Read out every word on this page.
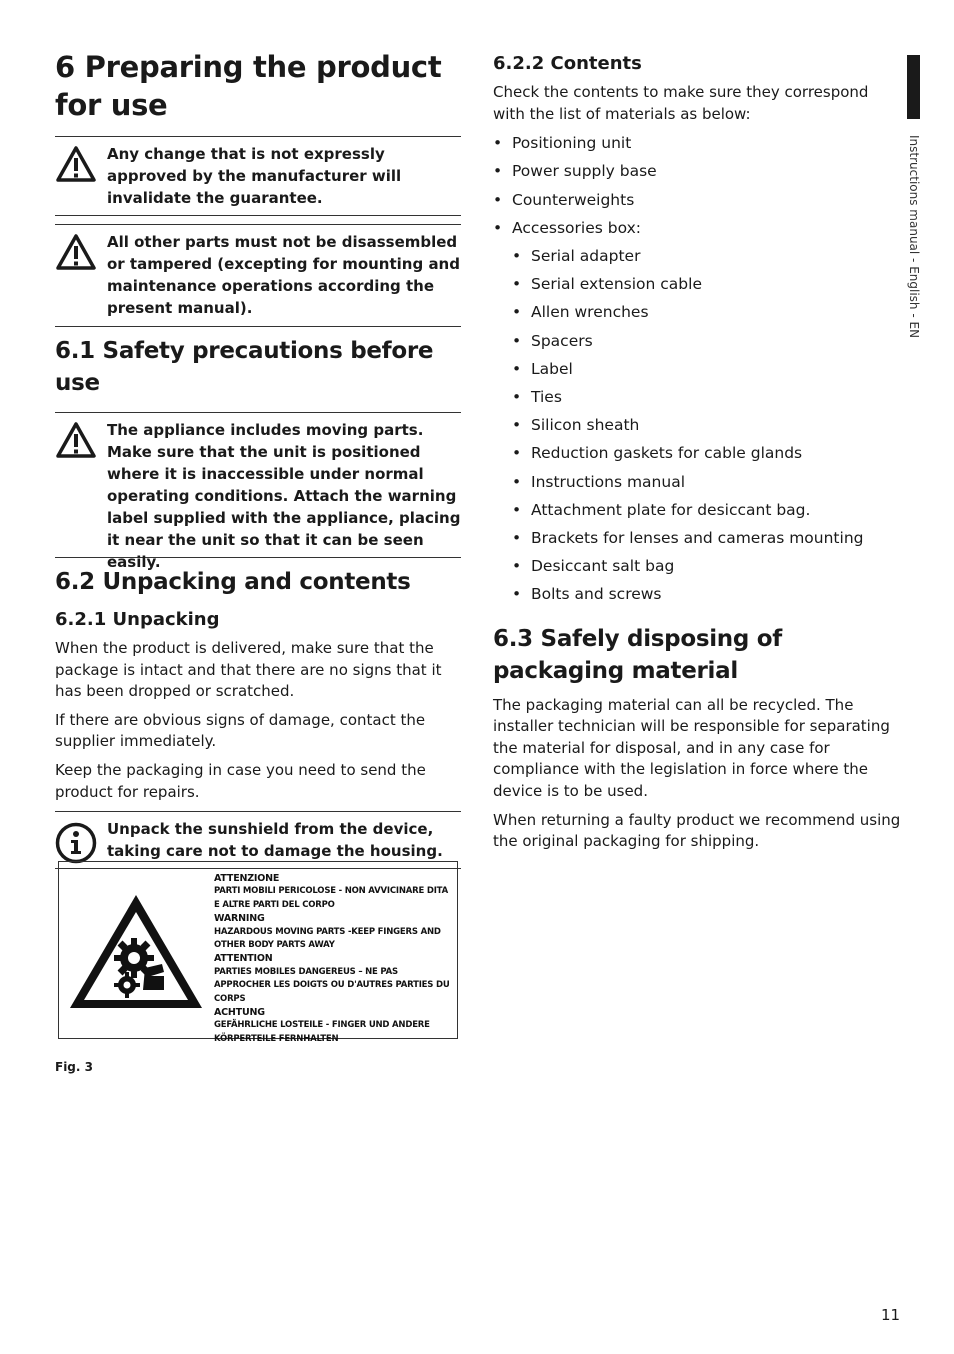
6 Preparing the product for use
Any change that is not expressly approved by the manufacturer will invalidate the guarantee.
All other parts must not be disassembled or tampered (excepting for mounting and maintenance operations according the present manual).
6.1 Safety precautions before use
The appliance includes moving parts. Make sure that the unit is positioned where it is inaccessible under normal operating conditions. Attach the warning label supplied with the appliance, placing it near the unit so that it can be seen easily.
6.2 Unpacking and contents
6.2.1 Unpacking

When the product is delivered, make sure that the package is intact and that there are no signs that it has been dropped or scratched.

If there are obvious signs of damage, contact the supplier immediately.

Keep the packaging in case you need to send the product for repairs.

Unpack the sunshield from the device, taking care not to damage the housing.
ATTENZIONE
PARTI MOBILI PERICOLOSE - NON AVVICINARE DITA E ALTRE PARTI DEL CORPO
WARNING
HAZARDOUS MOVING PARTS -KEEP FINGERS AND OTHER BODY PARTS AWAY
ATTENTION
PARTIES MOBILES DANGEREUS – NE PAS APPROCHER LES DOIGTS OU D'AUTRES PARTIES DU CORPS
ACHTUNG
GEFÄHRLICHE LOSTEILE - FINGER UND ANDERE KÖRPERTEILE FERNHALTEN
Fig. 3
6.2.2 Contents

Check the contents to make sure they correspond with the list of materials as below:

• Positioning unit
• Power supply base
• Counterweights
• Accessories box:
• Serial adapter
• Serial extension cable
• Allen wrenches
• Spacers
• Label
• Ties
• Silicon sheath
• Reduction gaskets for cable glands
• Instructions manual
• Attachment plate for desiccant bag.
• Brackets for lenses and cameras mounting
• Desiccant salt bag
• Bolts and screws
6.3 Safely disposing of packaging material

The packaging material can all be recycled. The installer technician will be responsible for separating the material for disposal, and in any case for compliance with the legislation in force where the device is to be used.

When returning a faulty product we recommend using the original packaging for shipping.

Instructions manual - English - EN
11
